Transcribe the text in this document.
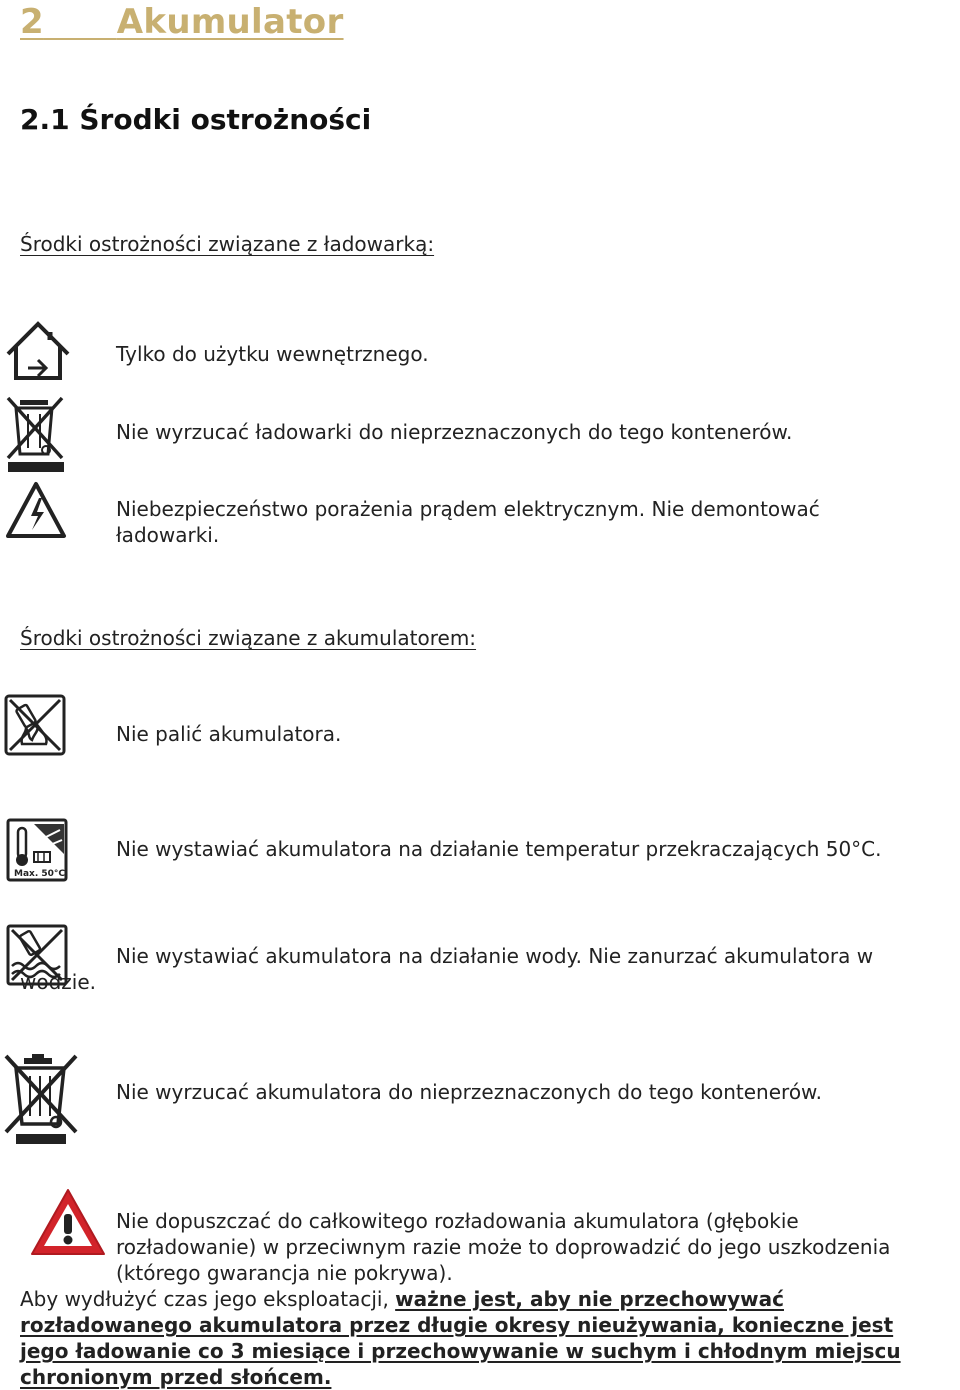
2 Akumulator
2.1 Środki ostrożności
Środki ostrożności związane z ładowarką:
Tylko do użytku wewnętrznego.
Nie wyrzucać ładowarki do nieprzeznaczonych do tego kontenerów.
Niebezpieczeństwo porażenia prądem elektrycznym. Nie demontować
ładowarki.
Środki ostrożności związane z akumulatorem:
Nie palić akumulatora.
Max. 50°C
Nie wystawiać akumulatora na działanie temperatur przekraczających 50°C.
Nie wystawiać akumulatora na działanie wody. Nie zanurzać akumulatora w
wodzie.
Nie wyrzucać akumulatora do nieprzeznaczonych do tego kontenerów.
Nie dopuszczać do całkowitego rozładowania akumulatora (głębokie
rozładowanie) w przeciwnym razie może to doprowadzić do jego uszkodzenia
(którego gwarancja nie pokrywa).
Aby wydłużyć czas jego eksploatacji, ważne jest, aby nie przechowywać
rozładowanego akumulatora przez długie okresy nieużywania, konieczne jest
jego ładowanie co 3 miesiące i przechowywanie w suchym i chłodnym miejscu
chronionym przed słońcem.
